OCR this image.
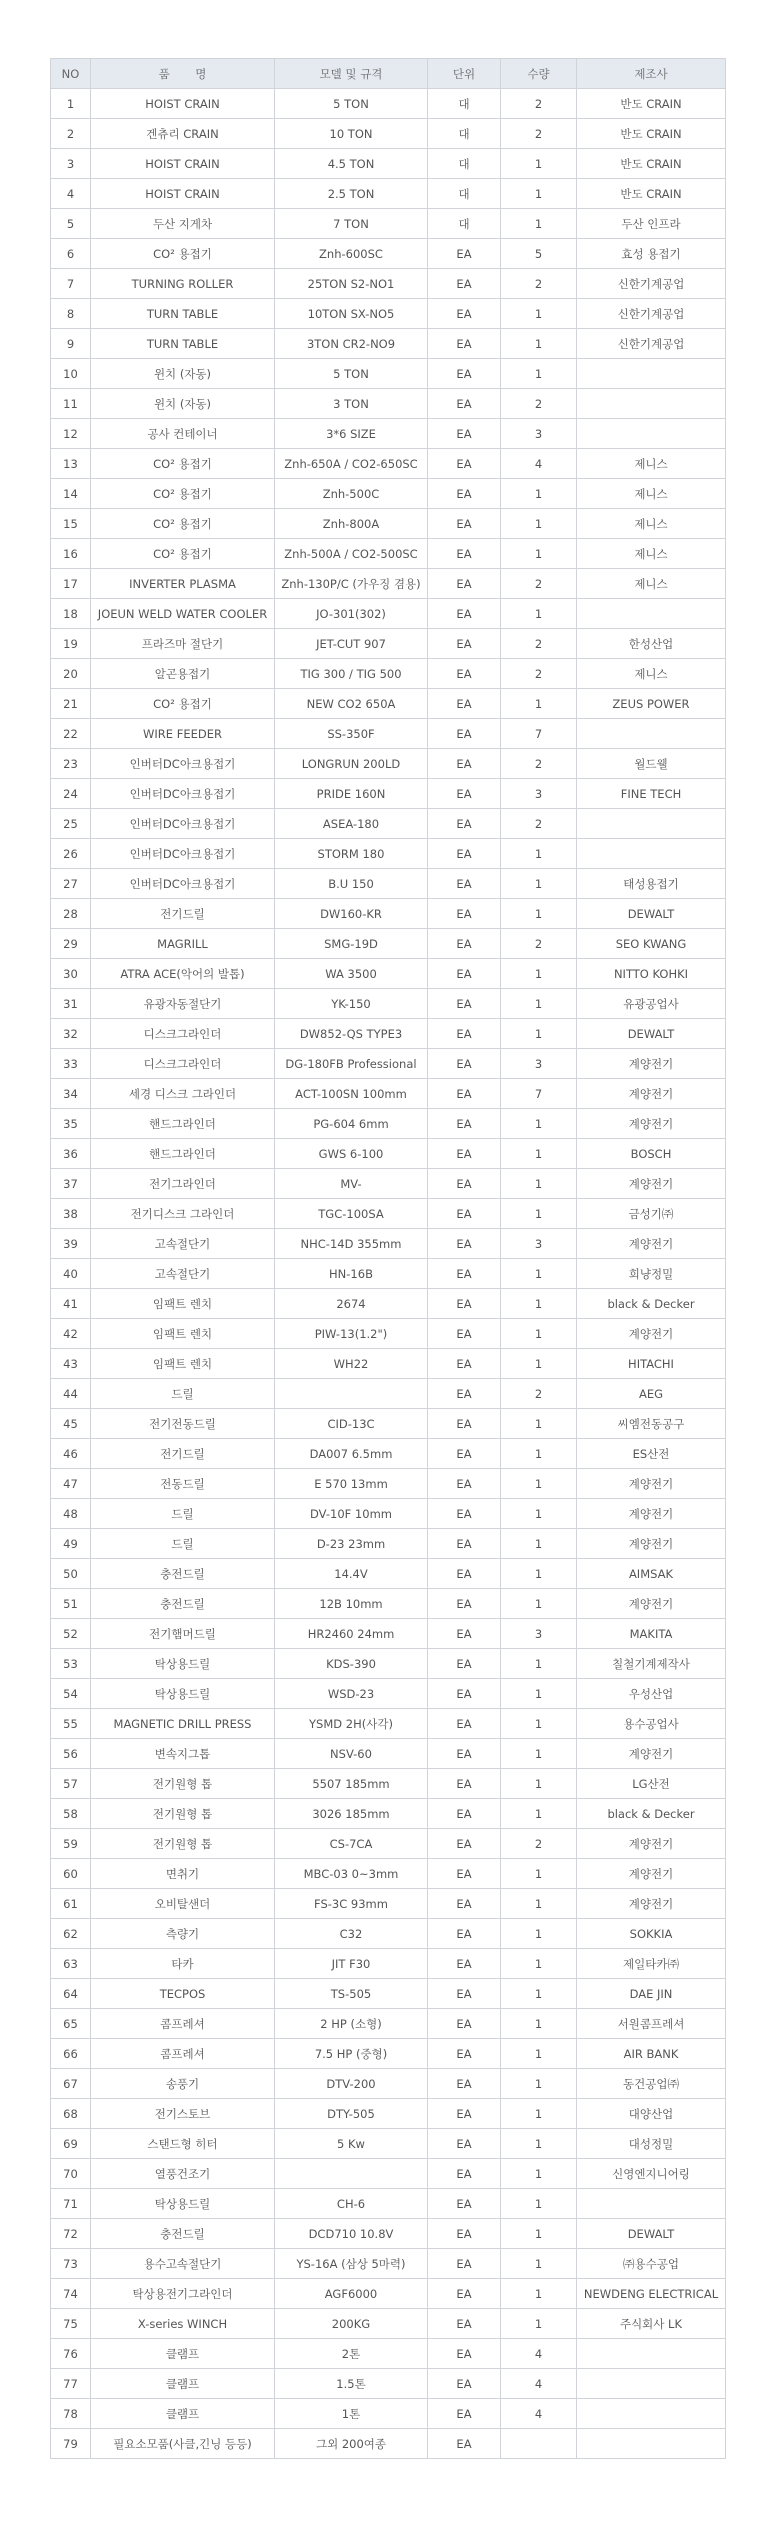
NO	품       명	모델 및 규격	단위	수량	제조사
1	HOIST CRAIN	5 TON	대	2	반도 CRAIN
2	겐츄리 CRAIN	10 TON	대	2	반도 CRAIN
3	HOIST CRAIN	4.5 TON	대	1	반도 CRAIN
4	HOIST CRAIN	2.5 TON	대	1	반도 CRAIN
5	두산 지게차	7 TON	대	1	두산 인프라
6	CO² 용접기	Znh-600SC	EA	5	효성 용접기
7	TURNING ROLLER	25TON S2-NO1	EA	2	신한기계공업
8	TURN TABLE	10TON SX-NO5	EA	1	신한기계공업
9	TURN TABLE	3TON CR2-NO9	EA	1	신한기계공업
10	윈치 (자동)	5 TON	EA	1	
11	윈치 (자동)	3 TON	EA	2	
12	공사 컨테이너	3*6 SIZE	EA	3	
13	CO² 용접기	Znh-650A / CO2-650SC	EA	4	제니스
14	CO² 용접기	Znh-500C	EA	1	제니스
15	CO² 용접기	Znh-800A	EA	1	제니스
16	CO² 용접기	Znh-500A / CO2-500SC	EA	1	제니스
17	INVERTER PLASMA	Znh-130P/C (가우징 겸용)	EA	2	제니스
18	JOEUN WELD WATER COOLER	JO-301(302)	EA	1	
19	프라즈마 절단기	JET-CUT 907	EA	2	한성산업
20	알곤용접기	TIG 300 / TIG 500	EA	2	제니스
21	CO² 용접기	NEW CO2 650A	EA	1	ZEUS POWER
22	WIRE FEEDER	SS-350F	EA	7	
23	인버터DC아크용접기	LONGRUN 200LD	EA	2	월드웰
24	인버터DC아크용접기	PRIDE 160N	EA	3	FINE TECH
25	인버터DC아크용접기	ASEA-180	EA	2	
26	인버터DC아크용접기	STORM 180	EA	1	
27	인버터DC아크용접기	B.U 150	EA	1	태성용접기
28	전기드릴	DW160-KR	EA	1	DEWALT
29	MAGRILL	SMG-19D	EA	2	SEO KWANG
30	ATRA ACE(악어의 발톱)	WA 3500	EA	1	NITTO KOHKI
31	유광자동절단기	YK-150	EA	1	유광공업사
32	디스크그라인더	DW852-QS TYPE3	EA	1	DEWALT
33	디스크그라인더	DG-180FB Professional	EA	3	계양전기
34	세경 디스크 그라인더	ACT-100SN 100mm	EA	7	계양전기
35	핸드그라인더	PG-604 6mm	EA	1	계양전기
36	핸드그라인더	GWS 6-100	EA	1	BOSCH
37	전기그라인더	MV-	EA	1	계양전기
38	전기디스크 그라인더	TGC-100SA	EA	1	금성기㈜
39	고속절단기	NHC-14D 355mm	EA	3	계양전기
40	고속절단기	HN-16B	EA	1	희냥정밀
41	임팩트 렌치	2674	EA	1	black & Decker
42	임팩트 렌치	PIW-13(1.2")	EA	1	계양전기
43	임팩트 렌치	WH22	EA	1	HITACHI
44	드릴		EA	2	AEG
45	전기전동드릴	CID-13C	EA	1	씨엠전동공구
46	전기드릴	DA007 6.5mm	EA	1	ES산전
47	전동드릴	E 570 13mm	EA	1	계양전기
48	드릴	DV-10F 10mm	EA	1	계양전기
49	드릴	D-23 23mm	EA	1	계양전기
50	충전드릴	14.4V	EA	1	AIMSAK
51	충전드릴	12B 10mm	EA	1	계양전기
52	전기햄머드릴	HR2460 24mm	EA	3	MAKITA
53	탁상용드릴	KDS-390	EA	1	칠철기계제작사
54	탁상용드릴	WSD-23	EA	1	우성산업
55	MAGNETIC DRILL PRESS	YSMD 2H(사각)	EA	1	용수공업사
56	변속지그톱	NSV-60	EA	1	계양전기
57	전기원형 톱	5507 185mm	EA	1	LG산전
58	전기원형 톱	3026 185mm	EA	1	black & Decker
59	전기원형 톱	CS-7CA	EA	2	계양전기
60	면취기	MBC-03 0~3mm	EA	1	계양전기
61	오비탈샌더	FS-3C 93mm	EA	1	계양전기
62	측량기	C32	EA	1	SOKKIA
63	타카	JIT F30	EA	1	제일타카㈜
64	TECPOS	TS-505	EA	1	DAE JIN
65	콤프레셔	2 HP (소형)	EA	1	서원콤프레셔
66	콤프레셔	7.5 HP (중형)	EA	1	AIR BANK
67	송풍기	DTV-200	EA	1	동건공업㈜
68	전기스토브	DTY-505	EA	1	대양산업
69	스탠드형 히터	5 Kw	EA	1	대성정밀
70	열풍건조기		EA	1	신영엔지니어링
71	탁상용드릴	CH-6	EA	1	
72	충전드릴	DCD710 10.8V	EA	1	DEWALT
73	용수고속절단기	YS-16A (삼상 5마력)	EA	1	㈜용수공업
74	탁상용전기그라인더	AGF6000	EA	1	NEWDENG ELECTRICAL
75	X-series WINCH	200KG	EA	1	주식회사 LK
76	클램프	2톤	EA	4	
77	클램프	1.5톤	EA	4	
78	클램프	1톤	EA	4	
79	필요소모품(사클,긴닝 등등)	그외 200여종	EA		
